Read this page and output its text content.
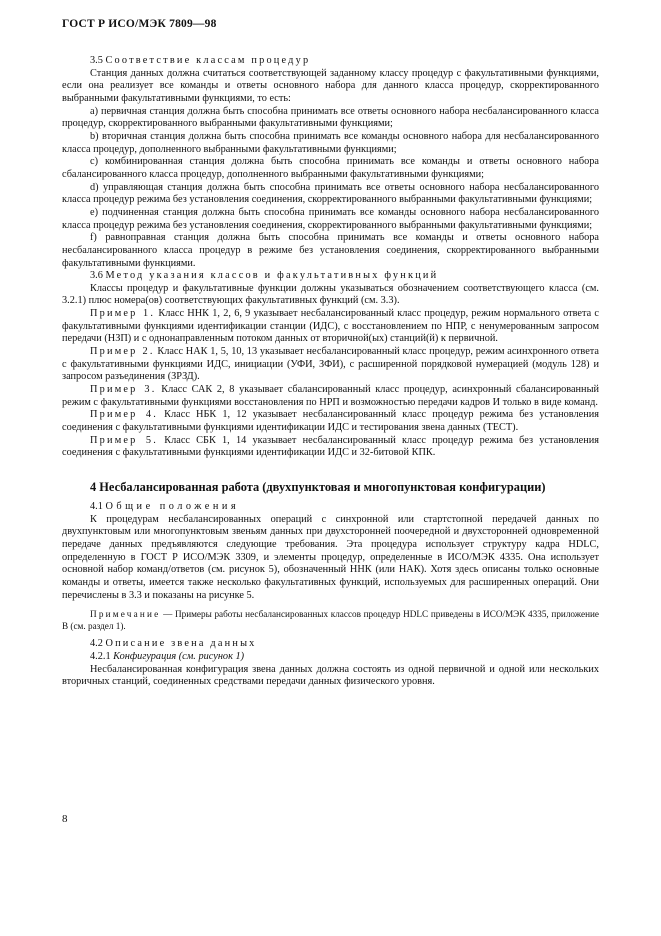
ГОСТ Р ИСО/МЭК 7809—98

3.5 Соответствие классам процедур

Станция данных должна считаться соответствующей заданному классу процедур с факультативными функциями, если она реализует все команды и ответы основного набора для данного класса процедур, скорректированного выбранными факультативными функциями, то есть:

a) первичная станция должна быть способна принимать все ответы основного набора несбалансированного класса процедур, скорректированного выбранными факультативными функциями;

b) вторичная станция должна быть способна принимать все команды основного набора для несбалансированного класса процедур, дополненного выбранными факультативными функциями;

c) комбинированная станция должна быть способна принимать все команды и ответы основного набора сбалансированного класса процедур, дополненного выбранными факультативными функциями;

d) управляющая станция должна быть способна принимать все ответы основного набора несбалансированного класса процедур режима без установления соединения, скорректированного выбранными факультативными функциями;

e) подчиненная станция должна быть способна принимать все команды основного набора несбалансированного класса процедур режима без установления соединения, скорректированного выбранными факультативными функциями;

f) равноправная станция должна быть способна принимать все команды и ответы основного набора несбалансированного класса процедур в режиме без установления соединения, скорректированного выбранными факультативными функциями.

3.6 Метод указания классов и факультативных функций

Классы процедур и факультативные функции должны указываться обозначением соответствующего класса (см. 3.2.1) плюс номера(ов) соответствующих факультативных функций (см. 3.3).

Пример 1. Класс ННК 1, 2, 6, 9 указывает несбалансированный класс процедур, режим нормального ответа с факультативными функциями идентификации станции (ИДС), с восстановлением по НПР, с ненумерованным запросом передачи (НЗП) и с однонаправленным потоком данных от вторичной(ых) станций(й) к первичной.

Пример 2. Класс НАК 1, 5, 10, 13 указывает несбалансированный класс процедур, режим асинхронного ответа с факультативными функциями ИДС, инициации (УФИ, ЗФИ), с расширенной порядковой нумерацией (модуль 128) и запросом разъединения (ЗРЗД).

Пример 3. Класс САК 2, 8 указывает сбалансированный класс процедур, асинхронный сбалансированный режим с факультативными функциями восстановления по НРП и возможностью передачи кадров И только в виде команд.

Пример 4. Класс НБК 1, 12 указывает несбалансированный класс процедур режима без установления соединения с факультативными функциями идентификации ИДС и тестирования звена данных (ТЕСТ).

Пример 5. Класс СБК 1, 14 указывает несбалансированный класс процедур режима без установления соединения с факультативными функциями идентификации ИДС и 32-битовой КПК.

4 Несбалансированная работа (двухпунктовая и многопунктовая конфигурации)

4.1 Общие положения

К процедурам несбалансированных операций с синхронной или стартстопной передачей данных по двухпунктовым или многопунктовым звеньям данных при двухсторонней поочередной и двухсторонней одновременной передаче данных предъявляются следующие требования. Эта процедура использует структуру кадра HDLC, определенную в ГОСТ Р ИСО/МЭК 3309, и элементы процедур, определенные в ИСО/МЭК 4335. Она использует основной набор команд/ответов (см. рисунок 5), обозначенный ННК (или НАК). Хотя здесь описаны только основные команды и ответы, имеется также несколько факультативных функций, используемых для расширенных операций. Они перечислены в 3.3 и показаны на рисунке 5.

Примечание — Примеры работы несбалансированных классов процедур HDLC приведены в ИСО/МЭК 4335, приложение В (см. раздел 1).

4.2 Описание звена данных

4.2.1 Конфигурация (см. рисунок 1)

Несбалансированная конфигурация звена данных должна состоять из одной первичной и одной или нескольких вторичных станций, соединенных средствами передачи данных физического уровня.

8
